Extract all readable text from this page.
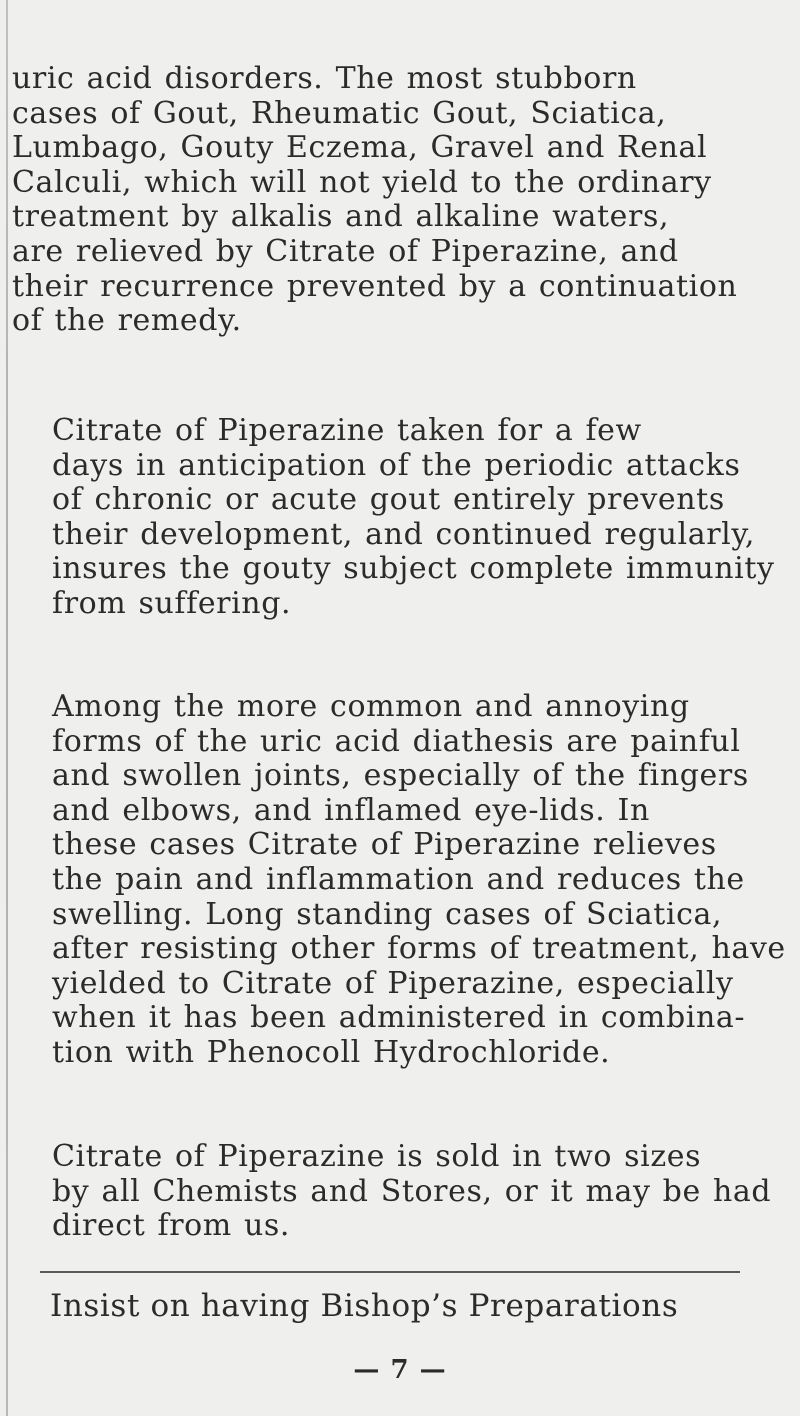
uric acid disorders. The most stubborn
cases of Gout, Rheumatic Gout, Sciatica,
Lumbago, Gouty Eczema, Gravel and Renal
Calculi, which will not yield to the ordinary
treatment by alkalis and alkaline waters,
are relieved by Citrate of Piperazine, and
their recurrence prevented by a continuation
of the remedy.

Citrate of Piperazine taken for a few
days in anticipation of the periodic attacks
of chronic or acute gout entirely prevents
their development, and continued regularly,
insures the gouty subject complete immunity
from suffering.

Among the more common and annoying
forms of the uric acid diathesis are painful
and swollen joints, especially of the fingers
and elbows, and inflamed eye-lids. In
these cases Citrate of Piperazine relieves
the pain and inflammation and reduces the
swelling. Long standing cases of Sciatica,
after resisting other forms of treatment, have
yielded to Citrate of Piperazine, especially
when it has been administered in combina-
tion with Phenocoll Hydrochloride.

Citrate of Piperazine is sold in two sizes
by all Chemists and Stores, or it may be had
direct from us.

Insist on having Bishop’s Preparations
— 7 —
